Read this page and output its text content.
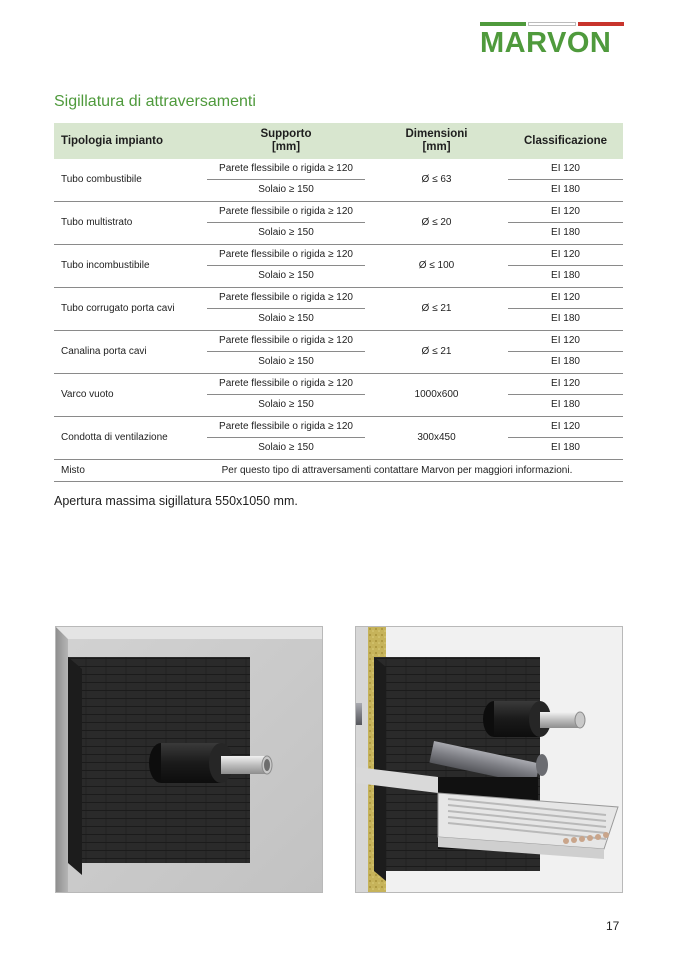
MARVON
Sigillatura di attraversamenti
Tipologia impianto
Supporto
[mm]
Dimensioni
[mm]
Classificazione
Tubo combustibile
Parete flessibile o rigida ≥ 120
Solaio ≥ 150
Ø ≤ 63
EI 120
EI 180
Tubo multistrato
Parete flessibile o rigida ≥ 120
Solaio ≥ 150
Ø ≤ 20
EI 120
EI 180
Tubo incombustibile
Parete flessibile o rigida ≥ 120
Solaio ≥ 150
Ø ≤ 100
EI 120
EI 180
Tubo corrugato porta cavi
Parete flessibile o rigida ≥ 120
Solaio ≥ 150
Ø ≤ 21
EI 120
EI 180
Canalina porta cavi
Parete flessibile o rigida ≥ 120
Solaio ≥ 150
Ø ≤ 21
EI 120
EI 180
Varco vuoto
Parete flessibile o rigida ≥ 120
Solaio ≥ 150
1000x600
EI 120
EI 180
Condotta di ventilazione
Parete flessibile o rigida ≥ 120
Solaio ≥ 150
300x450
EI 120
EI 180
Misto	Per questo tipo di attraversamenti contattare Marvon per maggiori informazioni.
Apertura massima sigillatura 550x1050 mm.
17
